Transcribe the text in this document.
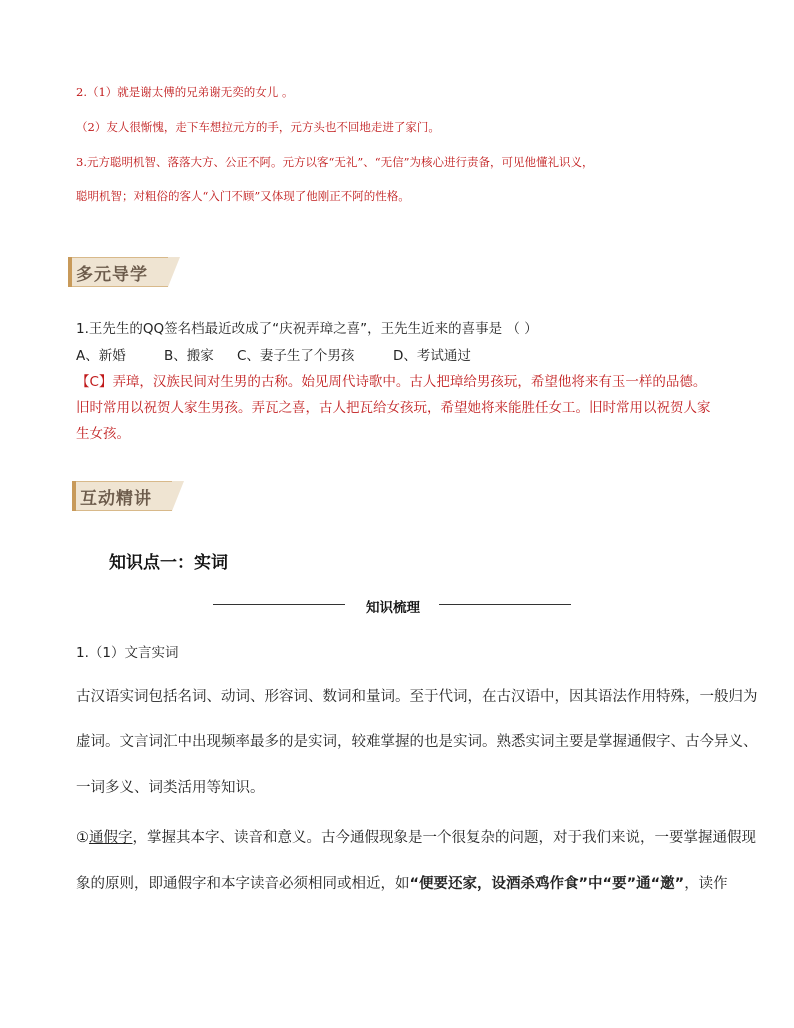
2.（1）就是谢太傅的兄弟谢无奕的女儿 。
（2）友人很惭愧，走下车想拉元方的手，元方头也不回地走进了家门。
3.元方聪明机智、落落大方、公正不阿。元方以客“无礼”、“无信”为核心进行责备，可见他懂礼识义，
聪明机智；对粗俗的客人“入门不顾”又体现了他刚正不阿的性格。
多元导学
1.王先生的QQ签名档最近改成了“庆祝弄璋之喜”，王先生近来的喜事是 （ ）
A、新婚	B、搬家 C、妻子生了个男孩	D、考试通过
【C】弄璋，汉族民间对生男的古称。始见周代诗歌中。古人把璋给男孩玩，希望他将来有玉一样的品德。
旧时常用以祝贺人家生男孩。弄瓦之喜，古人把瓦给女孩玩，希望她将来能胜任女工。旧时常用以祝贺人家
生女孩。
互动精讲
知识点一：实词
知识梳理
1.（1）文言实词
古汉语实词包括名词、动词、形容词、数词和量词。至于代词，在古汉语中，因其语法作用特殊，一般归为
虚词。文言词汇中出现频率最多的是实词，较难掌握的也是实词。熟悉实词主要是掌握通假字、古今异义、
一词多义、词类活用等知识。
①通假字，掌握其本字、读音和意义。古今通假现象是一个很复杂的问题，对于我们来说，一要掌握通假现
象的原则，即通假字和本字读音必须相同或相近，如“便要还家，设酒杀鸡作食”中“要”通“邀”，读作
